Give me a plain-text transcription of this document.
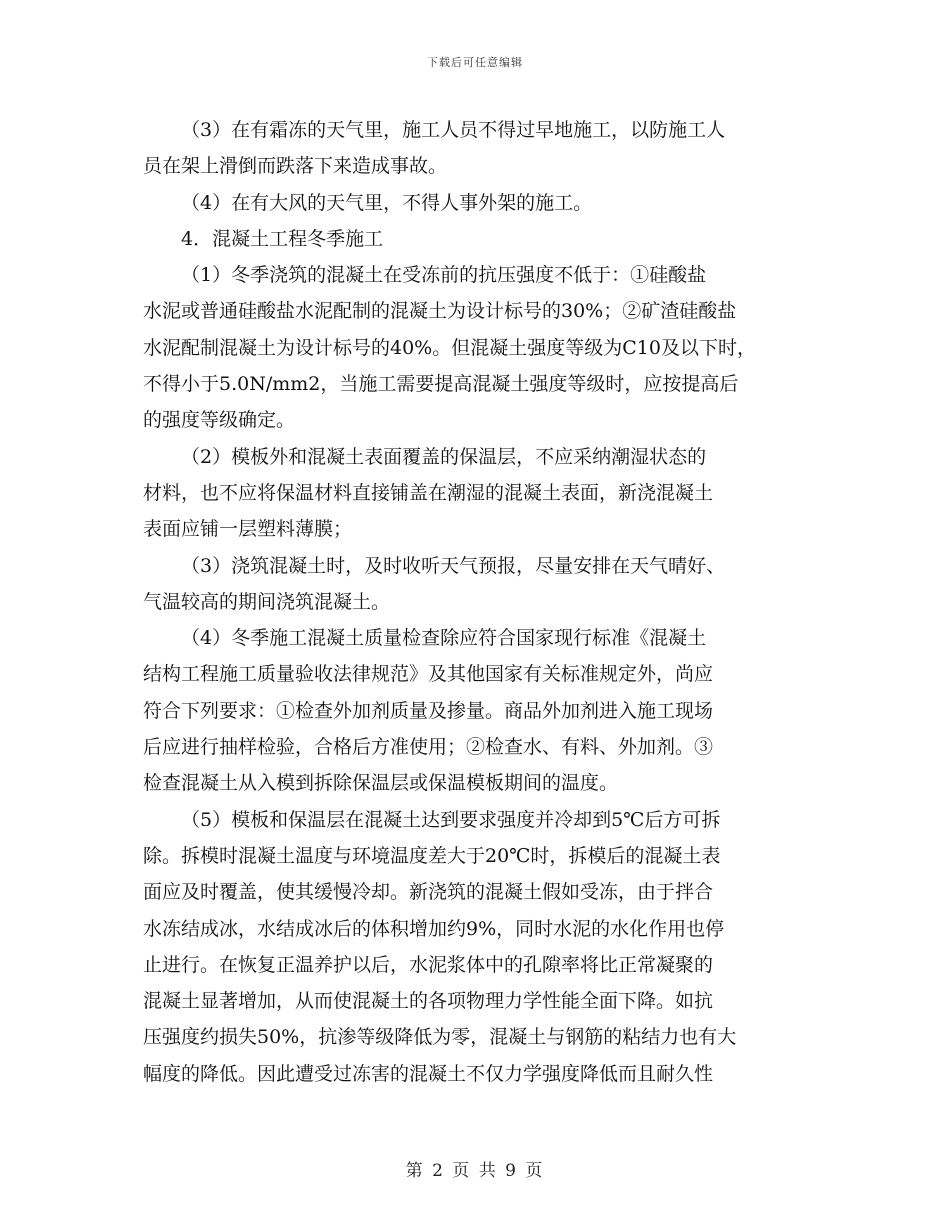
下载后可任意编辑

（3）在有霜冻的天气里，施工人员不得过早地施工，以防施工人
员在架上滑倒而跌落下来造成事故。

（4）在有大风的天气里，不得人事外架的施工。

4．混凝土工程冬季施工

（1）冬季浇筑的混凝土在受冻前的抗压强度不低于：①硅酸盐
水泥或普通硅酸盐水泥配制的混凝土为设计标号的30%；②矿渣硅酸盐
水泥配制混凝土为设计标号的40%。但混凝土强度等级为C10及以下时，
不得小于5.0N/mm2，当施工需要提高混凝土强度等级时，应按提高后
的强度等级确定。

（2）模板外和混凝土表面覆盖的保温层，不应采纳潮湿状态的
材料，也不应将保温材料直接铺盖在潮湿的混凝土表面，新浇混凝土
表面应铺一层塑料薄膜；

（3）浇筑混凝土时，及时收听天气预报，尽量安排在天气晴好、
气温较高的期间浇筑混凝土。

（4）冬季施工混凝土质量检查除应符合国家现行标准《混凝土
结构工程施工质量验收法律规范》及其他国家有关标准规定外，尚应
符合下列要求：①检查外加剂质量及掺量。商品外加剂进入施工现场
后应进行抽样检验，合格后方准使用；②检查水、有料、外加剂。③
检查混凝土从入模到拆除保温层或保温模板期间的温度。

（5）模板和保温层在混凝土达到要求强度并冷却到5℃后方可拆
除。拆模时混凝土温度与环境温度差大于20℃时，拆模后的混凝土表
面应及时覆盖，使其缓慢冷却。新浇筑的混凝土假如受冻，由于拌合
水冻结成冰，水结成冰后的体积增加约9%，同时水泥的水化作用也停
止进行。在恢复正温养护以后，水泥浆体中的孔隙率将比正常凝聚的
混凝土显著增加，从而使混凝土的各项物理力学性能全面下降。如抗
压强度约损失50%，抗渗等级降低为零，混凝土与钢筋的粘结力也有大
幅度的降低。因此遭受过冻害的混凝土不仅力学强度降低而且耐久性

第 2 页 共 9 页
